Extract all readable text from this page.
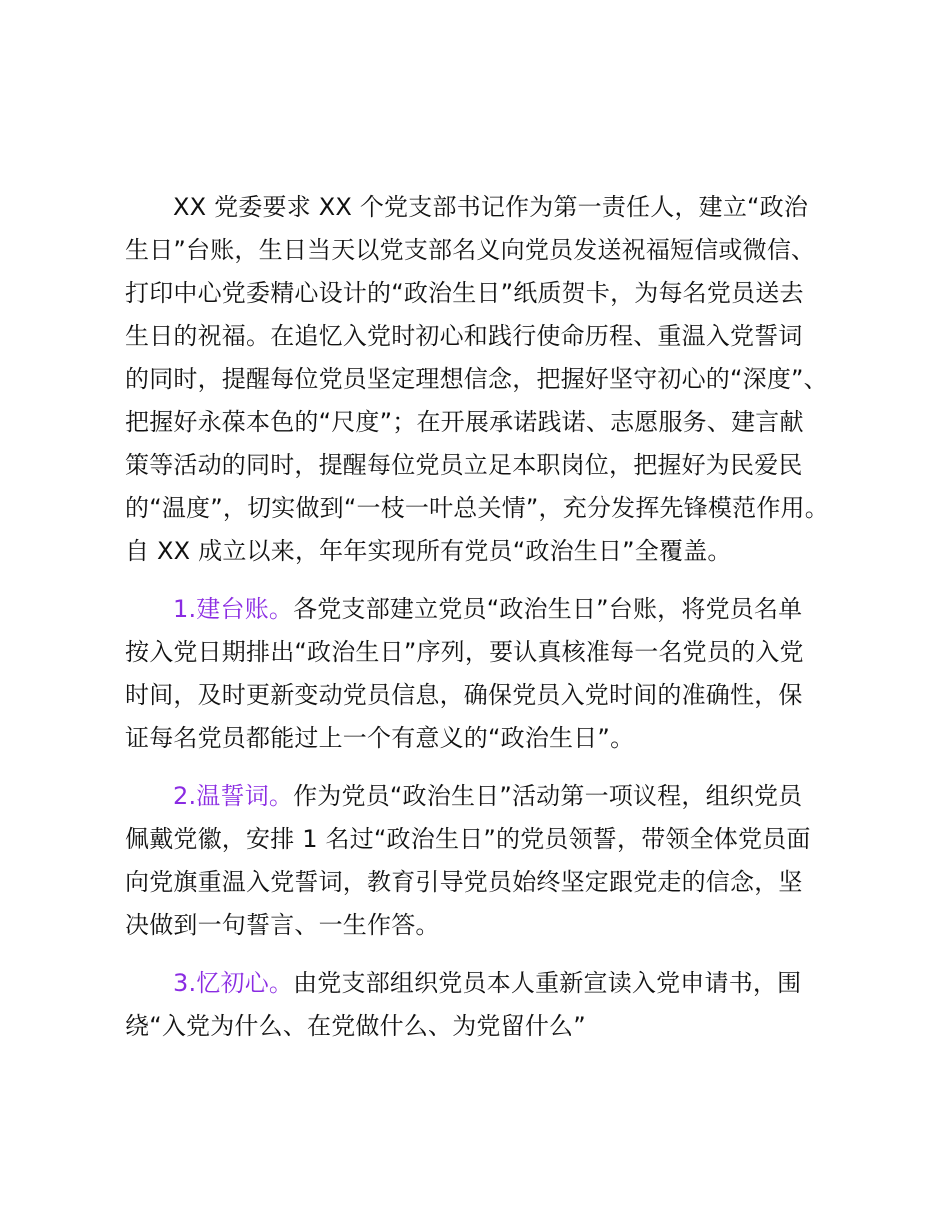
XX 党委要求 XX 个党支部书记作为第一责任人，建立“政治
生日”台账，生日当天以党支部名义向党员发送祝福短信或微信、
打印中心党委精心设计的“政治生日”纸质贺卡，为每名党员送去
生日的祝福。在追忆入党时初心和践行使命历程、重温入党誓词
的同时，提醒每位党员坚定理想信念，把握好坚守初心的“深度”、
把握好永葆本色的“尺度”；在开展承诺践诺、志愿服务、建言献
策等活动的同时，提醒每位党员立足本职岗位，把握好为民爱民
的“温度”，切实做到“一枝一叶总关情”，充分发挥先锋模范作用。
自 XX 成立以来，年年实现所有党员“政治生日”全覆盖。
1.建台账。各党支部建立党员“政治生日”台账，将党员名单
按入党日期排出“政治生日”序列，要认真核准每一名党员的入党
时间，及时更新变动党员信息，确保党员入党时间的准确性，保
证每名党员都能过上一个有意义的“政治生日”。
2.温誓词。作为党员“政治生日”活动第一项议程，组织党员
佩戴党徽，安排 1 名过“政治生日”的党员领誓，带领全体党员面
向党旗重温入党誓词，教育引导党员始终坚定跟党走的信念，坚
决做到一句誓言、一生作答。
3.忆初心。由党支部组织党员本人重新宣读入党申请书，围
绕“入党为什么、在党做什么、为党留什么”
